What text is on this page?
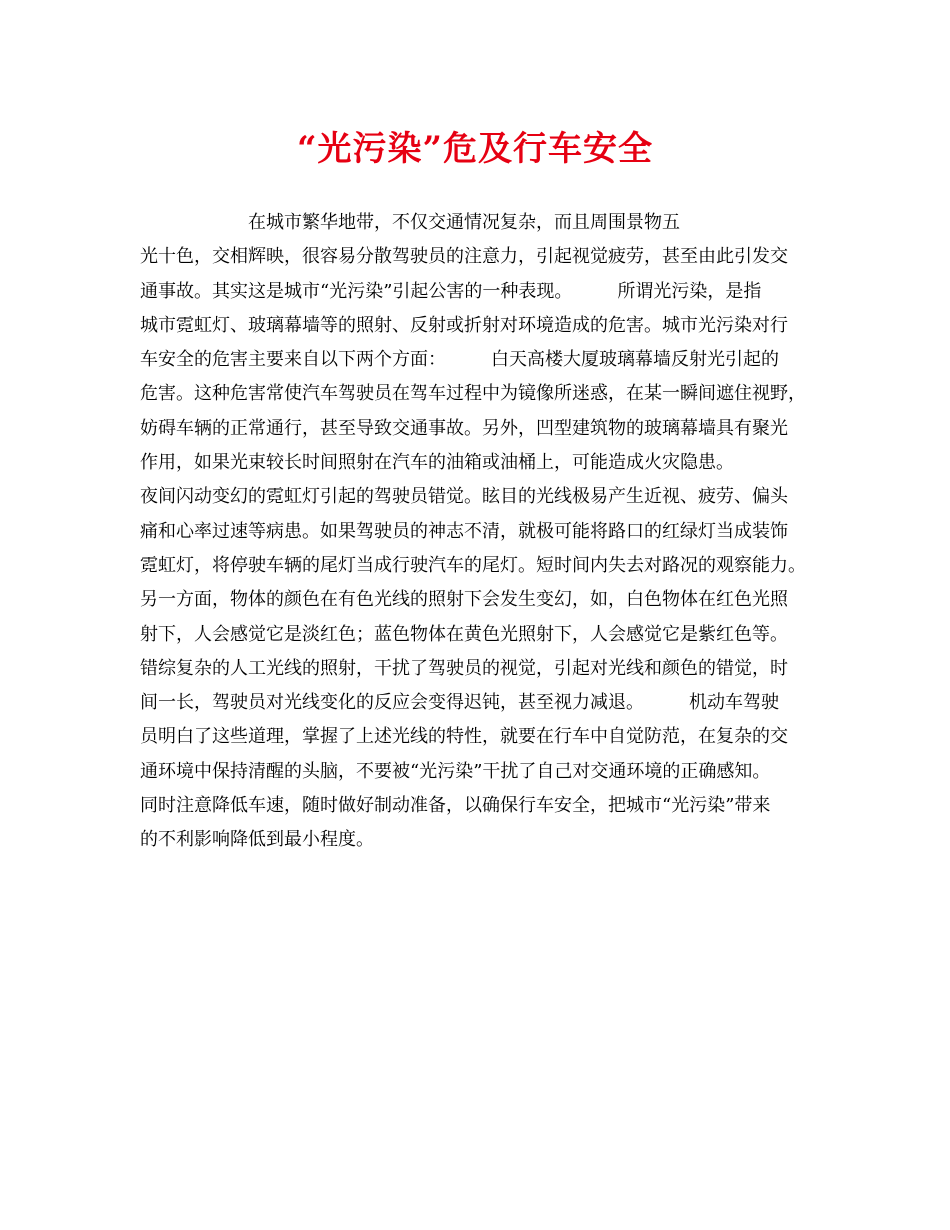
“光污染”危及行车安全
　　　　　　在城市繁华地带，不仅交通情况复杂，而且周围景物五
光十色，交相辉映，很容易分散驾驶员的注意力，引起视觉疲劳，甚至由此引发交
通事故。其实这是城市“光污染”引起公害的一种表现。　　　所谓光污染，是指
城市霓虹灯、玻璃幕墙等的照射、反射或折射对环境造成的危害。城市光污染对行
车安全的危害主要来自以下两个方面：　　　白天高楼大厦玻璃幕墙反射光引起的
危害。这种危害常使汽车驾驶员在驾车过程中为镜像所迷惑，在某一瞬间遮住视野，
妨碍车辆的正常通行，甚至导致交通事故。另外，凹型建筑物的玻璃幕墙具有聚光
作用，如果光束较长时间照射在汽车的油箱或油桶上，可能造成火灾隐患。
夜间闪动变幻的霓虹灯引起的驾驶员错觉。眩目的光线极易产生近视、疲劳、偏头
痛和心率过速等病患。如果驾驶员的神志不清，就极可能将路口的红绿灯当成装饰
霓虹灯，将停驶车辆的尾灯当成行驶汽车的尾灯。短时间内失去对路况的观察能力。
另一方面，物体的颜色在有色光线的照射下会发生变幻，如，白色物体在红色光照
射下，人会感觉它是淡红色；蓝色物体在黄色光照射下，人会感觉它是紫红色等。
错综复杂的人工光线的照射，干扰了驾驶员的视觉，引起对光线和颜色的错觉，时
间一长，驾驶员对光线变化的反应会变得迟钝，甚至视力减退。　　　机动车驾驶
员明白了这些道理，掌握了上述光线的特性，就要在行车中自觉防范，在复杂的交
通环境中保持清醒的头脑，不要被“光污染”干扰了自己对交通环境的正确感知。
同时注意降低车速，随时做好制动准备，以确保行车安全，把城市“光污染”带来
的不利影响降低到最小程度。
